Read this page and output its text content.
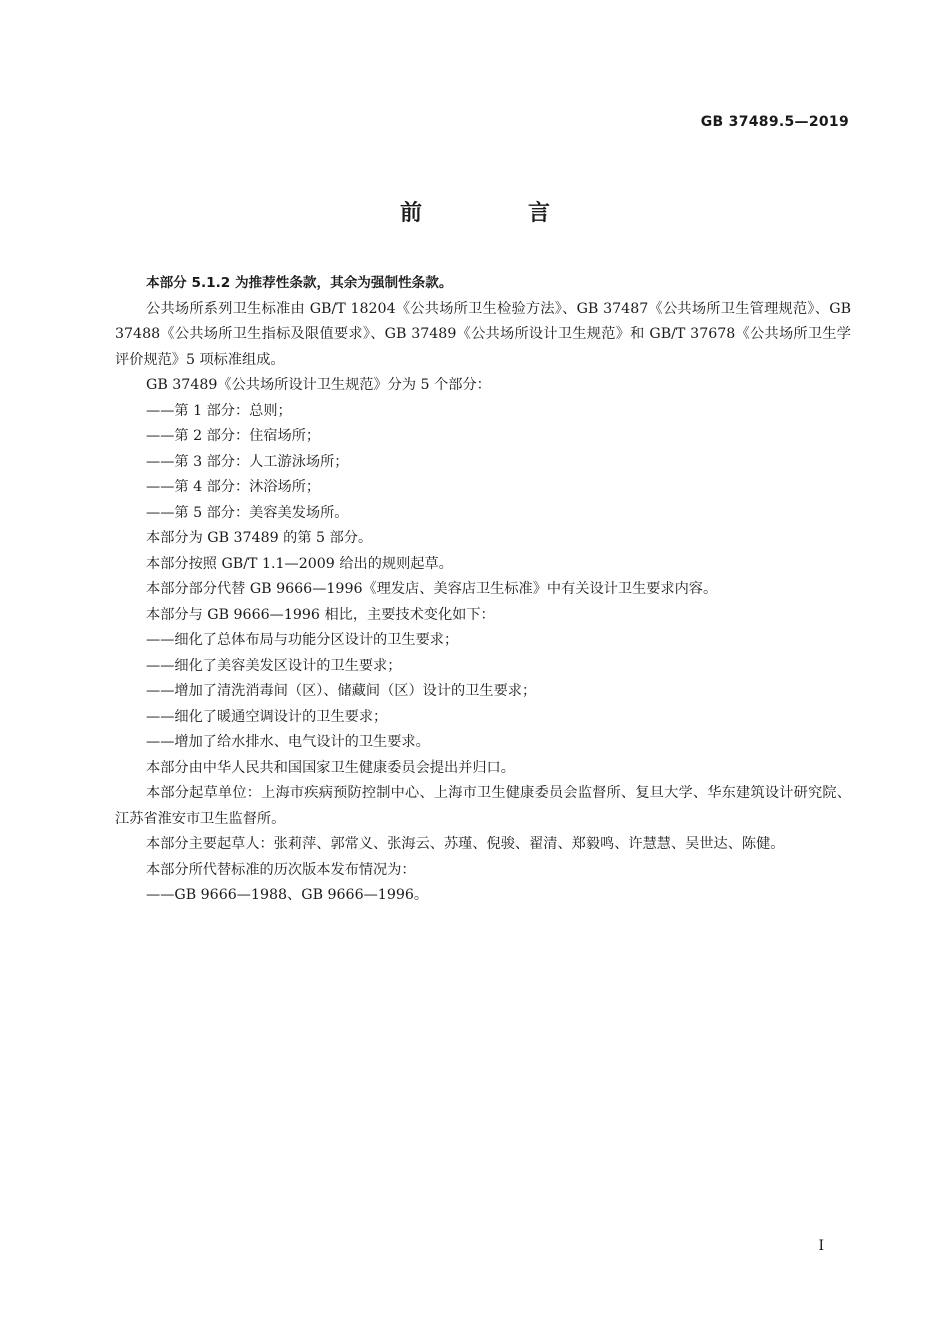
GB 37489.5—2019
前　言

本部分 5.1.2 为推荐性条款，其余为强制性条款。

公共场所系列卫生标准由 GB/T 18204《公共场所卫生检验方法》、GB 37487《公共场所卫生管理规范》、GB 37488《公共场所卫生指标及限值要求》、GB 37489《公共场所设计卫生规范》和 GB/T 37678《公共场所卫生学评价规范》5 项标准组成。

GB 37489《公共场所设计卫生规范》分为 5 个部分：

——第 1 部分：总则；

——第 2 部分：住宿场所；

——第 3 部分：人工游泳场所；

——第 4 部分：沐浴场所；

——第 5 部分：美容美发场所。

本部分为 GB 37489 的第 5 部分。

本部分按照 GB/T 1.1—2009 给出的规则起草。

本部分部分代替 GB 9666—1996《理发店、美容店卫生标准》中有关设计卫生要求内容。

本部分与 GB 9666—1996 相比，主要技术变化如下：

——细化了总体布局与功能分区设计的卫生要求；

——细化了美容美发区设计的卫生要求；

——增加了清洗消毒间（区）、储藏间（区）设计的卫生要求；

——细化了暖通空调设计的卫生要求；

——增加了给水排水、电气设计的卫生要求。

本部分由中华人民共和国国家卫生健康委员会提出并归口。

本部分起草单位：上海市疾病预防控制中心、上海市卫生健康委员会监督所、复旦大学、华东建筑设计研究院、江苏省淮安市卫生监督所。

本部分主要起草人：张莉萍、郭常义、张海云、苏瑾、倪骏、翟清、郑毅鸣、许慧慧、吴世达、陈健。

本部分所代替标准的历次版本发布情况为：

——GB 9666—1988、GB 9666—1996。

I
